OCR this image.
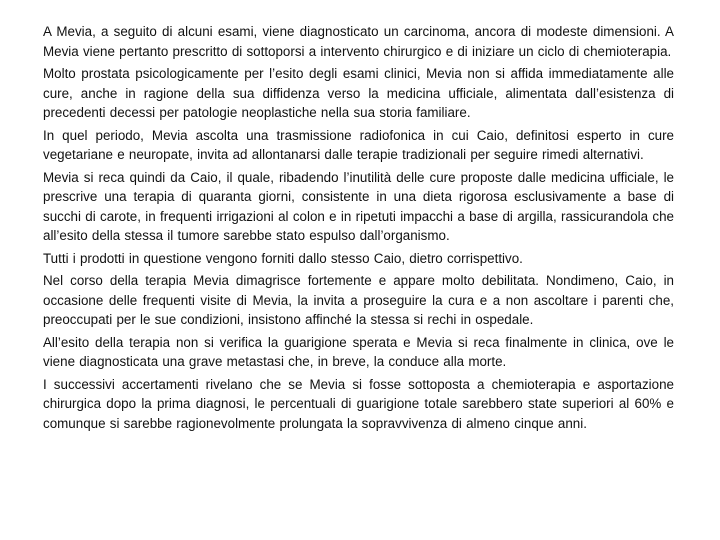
A Mevia, a seguito di alcuni esami, viene diagnosticato un carcinoma, ancora di modeste dimensioni. A Mevia viene pertanto prescritto di sottoporsi a intervento chirurgico e di iniziare un ciclo di chemioterapia.

Molto prostata psicologicamente per l’esito degli esami clinici, Mevia non si affida immediatamente alle cure, anche in ragione della sua diffidenza verso la medicina ufficiale, alimentata dall’esistenza di precedenti decessi per patologie neoplastiche nella sua storia familiare.

In quel periodo, Mevia ascolta una trasmissione radiofonica in cui Caio, definitosi esperto in cure vegetariane e neuropate, invita ad allontanarsi dalle terapie tradizionali per seguire rimedi alternativi.

Mevia si reca quindi da Caio, il quale, ribadendo l’inutilità delle cure proposte dalle medicina ufficiale, le prescrive una terapia di quaranta giorni, consistente in una dieta rigorosa esclusivamente a base di succhi di carote, in frequenti irrigazioni al colon e in ripetuti impacchi a base di argilla, rassicurandola che all’esito della stessa il tumore sarebbe stato espulso dall’organismo.

Tutti i prodotti in questione vengono forniti dallo stesso Caio, dietro corrispettivo.

Nel corso della terapia Mevia dimagrisce fortemente e appare molto debilitata. Nondimeno, Caio, in occasione delle frequenti visite di Mevia, la invita a proseguire la cura e a non ascoltare i parenti che, preoccupati per le sue condizioni, insistono affinché la stessa si rechi in ospedale.

All’esito della terapia non si verifica la guarigione sperata e Mevia si reca finalmente in clinica, ove le viene diagnosticata una grave metastasi che, in breve, la conduce alla morte.

I successivi accertamenti rivelano che se Mevia si fosse sottoposta a chemioterapia e asportazione chirurgica dopo la prima diagnosi, le percentuali di guarigione totale sarebbero state superiori al 60% e comunque si sarebbe ragionevolmente prolungata la sopravvivenza di almeno cinque anni.
